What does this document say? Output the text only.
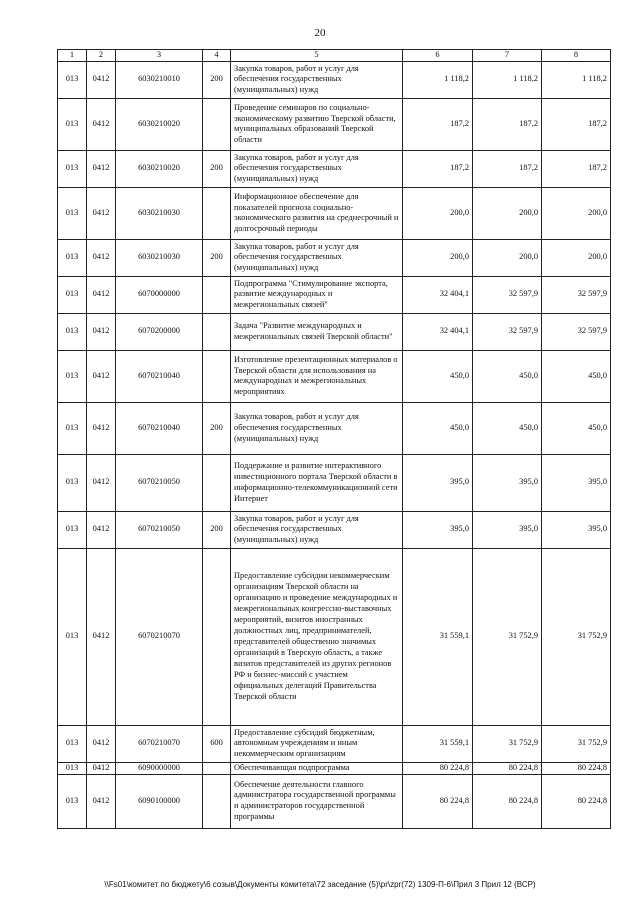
20
1	2	3	4	5	6	7	8
013	0412	6030210010	200	Закупка товаров, работ и услуг для обеспечения государственных (муниципальных) нужд	1 118,2	1 118,2	1 118,2
013	0412	6030210020		Проведение семинаров по социально-экономическому развитию Тверской области, муниципальных образований Тверской области	187,2	187,2	187,2
013	0412	6030210020	200	Закупка товаров, работ и услуг для обеспечения государственных (муниципальных) нужд	187,2	187,2	187,2
013	0412	6030210030		Информационное обеспечение для показателей прогноза социально-экономического развития на среднесрочный и долгосрочный периоды	200,0	200,0	200,0
013	0412	6030210030	200	Закупка товаров, работ и услуг для обеспечения государственных (муниципальных) нужд	200,0	200,0	200,0
013	0412	6070000000		Подпрограмма "Стимулирование экспорта, развитие международных и межрегиональных связей"	32 404,1	32 597,9	32 597,9
013	0412	6070200000		Задача "Развитие международных и межрегиональных связей Тверской области"	32 404,1	32 597,9	32 597,9
013	0412	6070210040		Изготовление презентационных материалов о Тверской области для использования на международных и межрегиональных мероприятиях	450,0	450,0	450,0
013	0412	6070210040	200	Закупка товаров, работ и услуг для обеспечения государственных (муниципальных) нужд	450,0	450,0	450,0
013	0412	6070210050		Поддержание и развитие интерактивного инвестиционного портала Тверской области в информационно-телекоммуникационной сети Интернет	395,0	395,0	395,0
013	0412	6070210050	200	Закупка товаров, работ и услуг для обеспечения государственных (муниципальных) нужд	395,0	395,0	395,0
013	0412	6070210070		Предоставление субсидии некоммерческим организациям Тверской области на организацию и проведение международных и межрегиональных конгрессно-выставочных мероприятий, визитов иностранных должностных лиц, предпринимателей, представителей общественно значимых организаций в Тверскую область, а также визитов представителей из других регионов РФ и бизнес-миссий с участием официальных делегаций Правительства Тверской области	31 559,1	31 752,9	31 752,9
013	0412	6070210070	600	Предоставление субсидий бюджетным, автономным учреждениям и иным некоммерческим организациям	31 559,1	31 752,9	31 752,9
013	0412	6090000000		Обеспечивающая подпрограмма	80 224,8	80 224,8	80 224,8
013	0412	6090100000		Обеспечение деятельности главного администратора государственной программы и администраторов государственной программы	80 224,8	80 224,8	80 224,8
\\Fs01\комитет по бюджету\6 созыв\Документы комитета\72 заседание (5)\pr\zpr(72) 1309-П-6\Прил 3 Прил 12 (ВСР)
